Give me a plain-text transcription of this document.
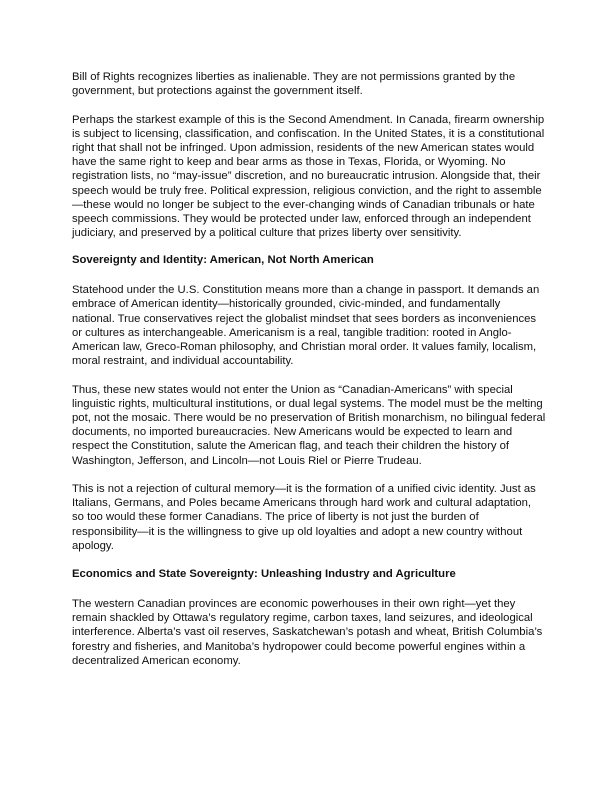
Bill of Rights recognizes liberties as inalienable. They are not permissions granted by the government, but protections against the government itself.

Perhaps the starkest example of this is the Second Amendment. In Canada, firearm ownership is subject to licensing, classification, and confiscation. In the United States, it is a constitutional right that shall not be infringed. Upon admission, residents of the new American states would have the same right to keep and bear arms as those in Texas, Florida, or Wyoming. No registration lists, no “may-issue” discretion, and no bureaucratic intrusion. Alongside that, their speech would be truly free. Political expression, religious conviction, and the right to assemble—these would no longer be subject to the ever-changing winds of Canadian tribunals or hate speech commissions. They would be protected under law, enforced through an independent judiciary, and preserved by a political culture that prizes liberty over sensitivity.

Sovereignty and Identity: American, Not North American

Statehood under the U.S. Constitution means more than a change in passport. It demands an embrace of American identity—historically grounded, civic-minded, and fundamentally national. True conservatives reject the globalist mindset that sees borders as inconveniences or cultures as interchangeable. Americanism is a real, tangible tradition: rooted in Anglo-American law, Greco-Roman philosophy, and Christian moral order. It values family, localism, moral restraint, and individual accountability.

Thus, these new states would not enter the Union as “Canadian-Americans” with special linguistic rights, multicultural institutions, or dual legal systems. The model must be the melting pot, not the mosaic. There would be no preservation of British monarchism, no bilingual federal documents, no imported bureaucracies. New Americans would be expected to learn and respect the Constitution, salute the American flag, and teach their children the history of Washington, Jefferson, and Lincoln—not Louis Riel or Pierre Trudeau.

This is not a rejection of cultural memory—it is the formation of a unified civic identity. Just as Italians, Germans, and Poles became Americans through hard work and cultural adaptation, so too would these former Canadians. The price of liberty is not just the burden of responsibility—it is the willingness to give up old loyalties and adopt a new country without apology.

Economics and State Sovereignty: Unleashing Industry and Agriculture

The western Canadian provinces are economic powerhouses in their own right—yet they remain shackled by Ottawa’s regulatory regime, carbon taxes, land seizures, and ideological interference. Alberta’s vast oil reserves, Saskatchewan’s potash and wheat, British Columbia’s forestry and fisheries, and Manitoba’s hydropower could become powerful engines within a decentralized American economy.
